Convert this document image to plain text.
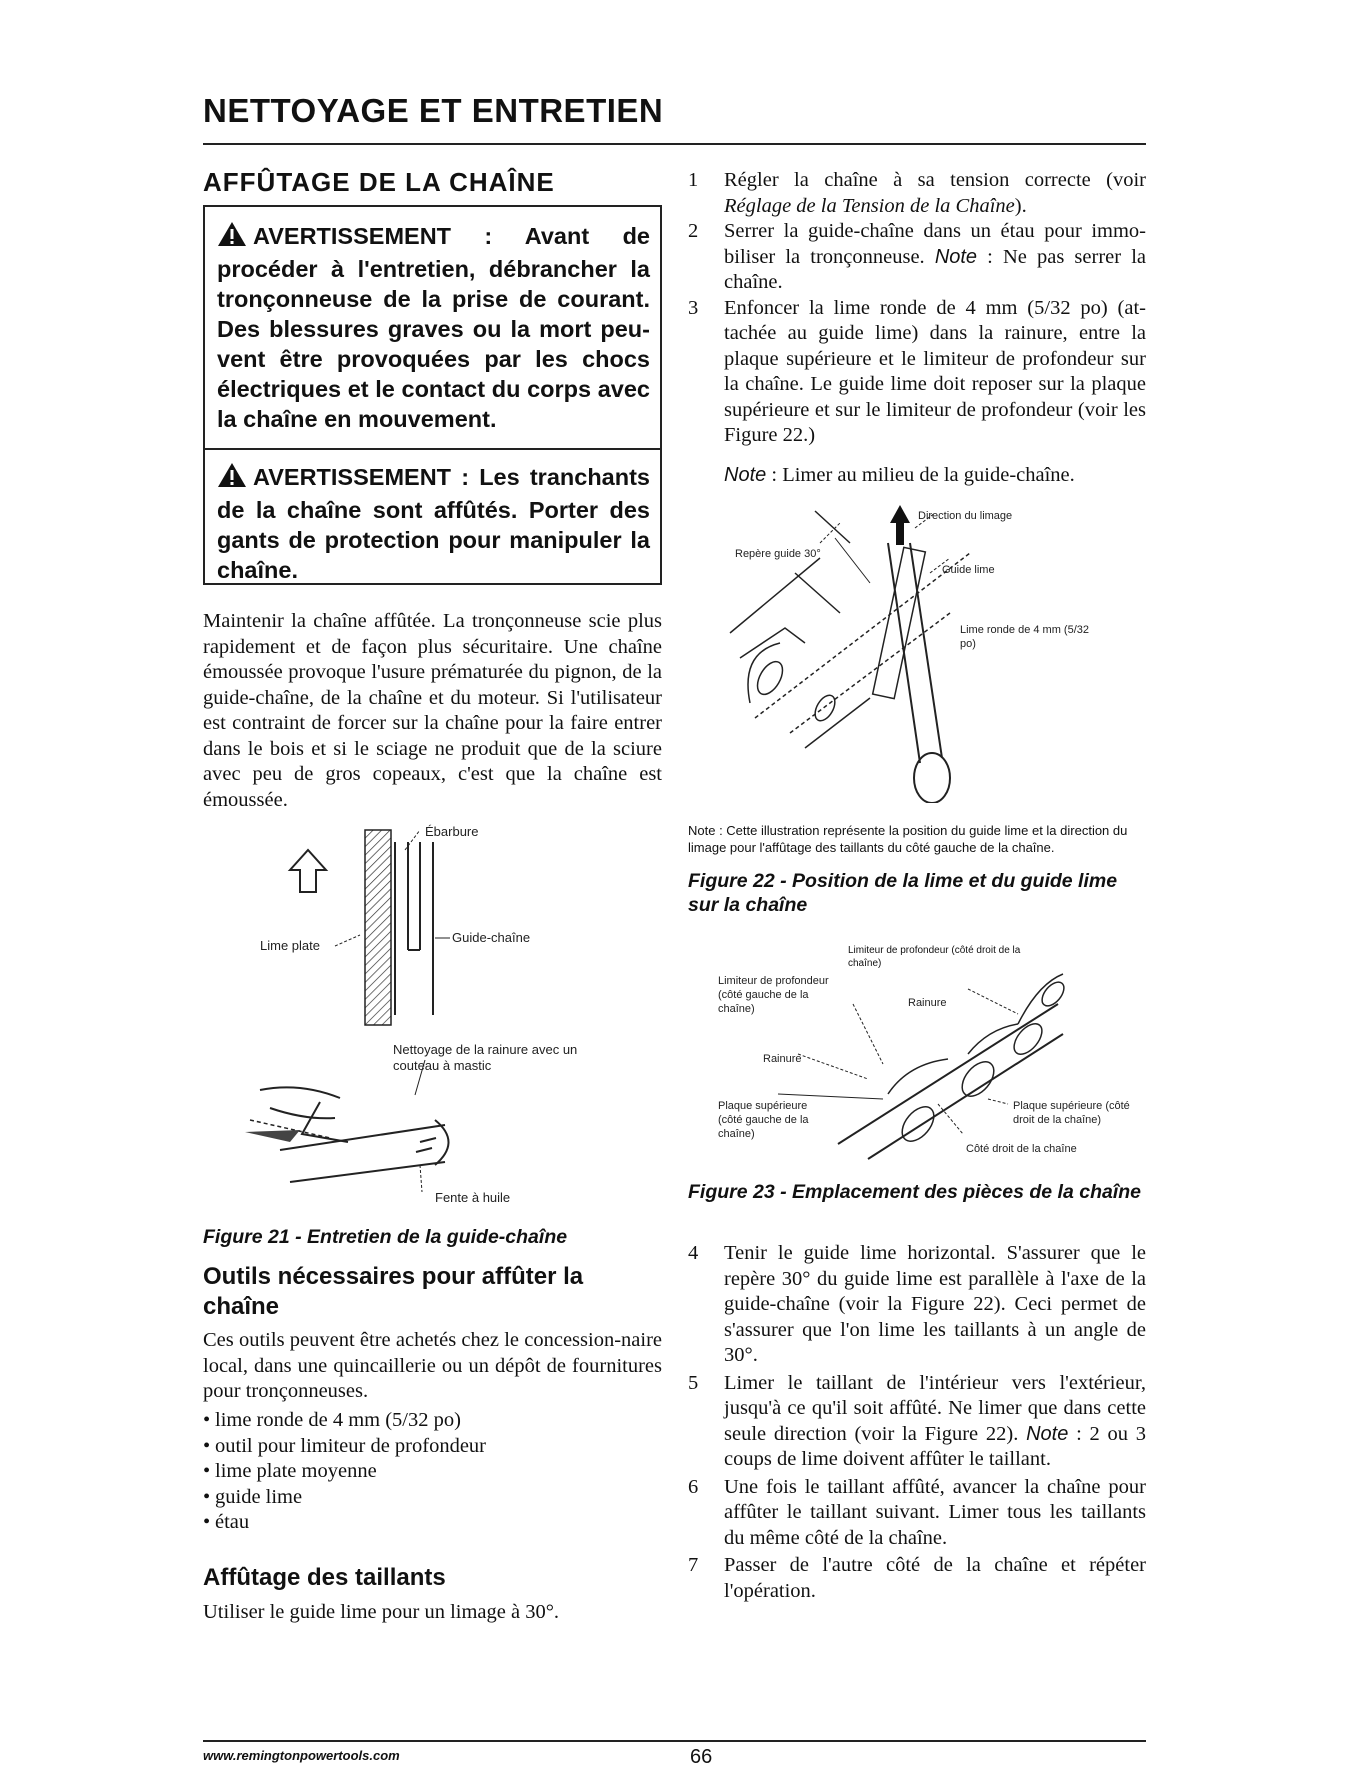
NETTOYAGE ET ENTRETIEN
AFFÛTAGE DE LA CHAÎNE
AVERTISSEMENT : Avant de procéder à l'entretien, débrancher la tronçonneuse de la prise de courant. Des blessures graves ou la mort peu-vent être provoquées par les chocs électriques et le contact du corps avec la chaîne en mouvement.
AVERTISSEMENT : Les tranchants de la chaîne sont affûtés. Porter des gants de protection pour manipuler la chaîne.
Maintenir la chaîne affûtée. La tronçonneuse scie plus rapidement et de façon plus sécuritaire. Une chaîne émoussée provoque l'usure prématurée du pignon, de la guide-chaîne, de la chaîne et du moteur. Si l'utilisateur est contraint de forcer sur la chaîne pour la faire entrer dans le bois et si le sciage ne produit que de la sciure avec peu de gros copeaux, c'est que la chaîne est émoussée.
Ébarbure
Lime plate
Guide-chaîne
Nettoyage de la rainure avec un couteau à mastic
Fente à huile
Figure 21 - Entretien de la guide-chaîne
Outils nécessaires pour affûter la chaîne
Ces outils peuvent être achetés chez le concession-naire local, dans une quincaillerie ou un dépôt de fournitures pour tronçonneuses.
• lime ronde de 4 mm (5/32 po)
• outil pour limiteur de profondeur
• lime plate moyenne
• guide lime
• étau
Affûtage des taillants
Utiliser le guide lime pour un limage à 30°.
1 Régler la chaîne à sa tension correcte (voir Réglage de la Tension de la Chaîne).
2 Serrer la guide-chaîne dans un étau pour immo-biliser la tronçonneuse. Note : Ne pas serrer la chaîne.
3 Enfoncer la lime ronde de 4 mm (5/32 po) (at-tachée au guide lime) dans la rainure, entre la plaque supérieure et le limiteur de profondeur sur la chaîne. Le guide lime doit reposer sur la plaque supérieure et sur le limiteur de profondeur (voir les Figure 22.)
Note : Limer au milieu de la guide-chaîne.
Direction du limage
Repère guide 30°
Guide lime
Lime ronde de 4 mm (5/32 po)
Note : Cette illustration représente la position du guide lime et la direction du limage pour l'affûtage des taillants du côté gauche de la chaîne.
Figure 22 - Position de la lime et du guide lime sur la chaîne
Limiteur de profondeur (côté droit de la chaîne)
Limiteur de profondeur (côté gauche de la chaîne)	Rainure
Rainure
Plaque supérieure (côté gauche de la chaîne)
Plaque supérieure (côté droit de la chaîne)
Côté droit de la chaîne
Figure 23 - Emplacement des pièces de la chaîne
4 Tenir le guide lime horizontal. S'assurer que le repère 30° du guide lime est parallèle à l'axe de la guide-chaîne (voir la Figure 22). Ceci permet de s'assurer que l'on lime les taillants à un angle de 30°.
5 Limer le taillant de l'intérieur vers l'extérieur, jusqu'à ce qu'il soit affûté. Ne limer que dans cette seule direction (voir la Figure 22). Note : 2 ou 3 coups de lime doivent affûter le taillant.
6 Une fois le taillant affûté, avancer la chaîne pour affûter le taillant suivant. Limer tous les taillants du même côté de la chaîne.
7 Passer de l'autre côté de la chaîne et répéter l'opération.
www.remingtonpowertools.com	66
